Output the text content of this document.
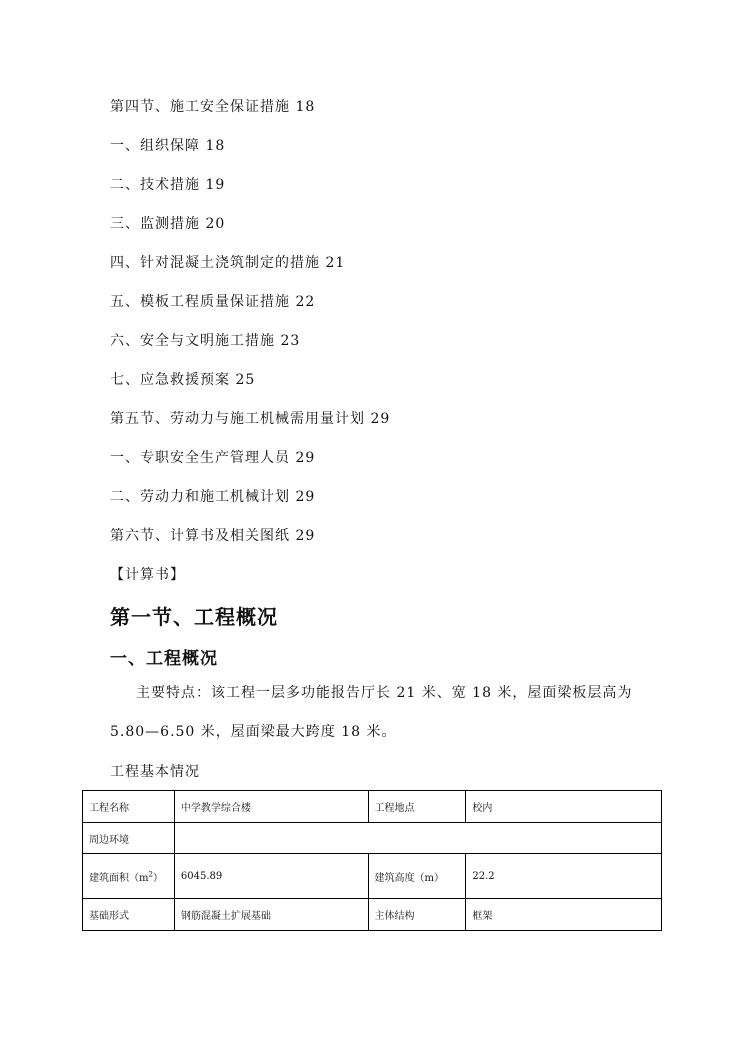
第四节、施工安全保证措施 18
一、组织保障 18
二、技术措施 19
三、监测措施 20
四、针对混凝土浇筑制定的措施 21
五、模板工程质量保证措施 22
六、安全与文明施工措施 23
七、应急救援预案 25
第五节、劳动力与施工机械需用量计划 29
一、专职安全生产管理人员 29
二、劳动力和施工机械计划 29
第六节、计算书及相关图纸 29
【计算书】
第一节、工程概况
一、工程概况
主要特点：该工程一层多功能报告厅长 21 米、宽 18 米，屋面梁板层高为
5.80—6.50 米，屋面梁最大跨度 18 米。
工程基本情况
工程名称	中学教学综合楼	工程地点	校内
周边环境			
建筑面积$(m^2)$	6045.89	建筑高度（m）	22.2
基础形式	钢筋混凝土扩展基础	主体结构	框架
